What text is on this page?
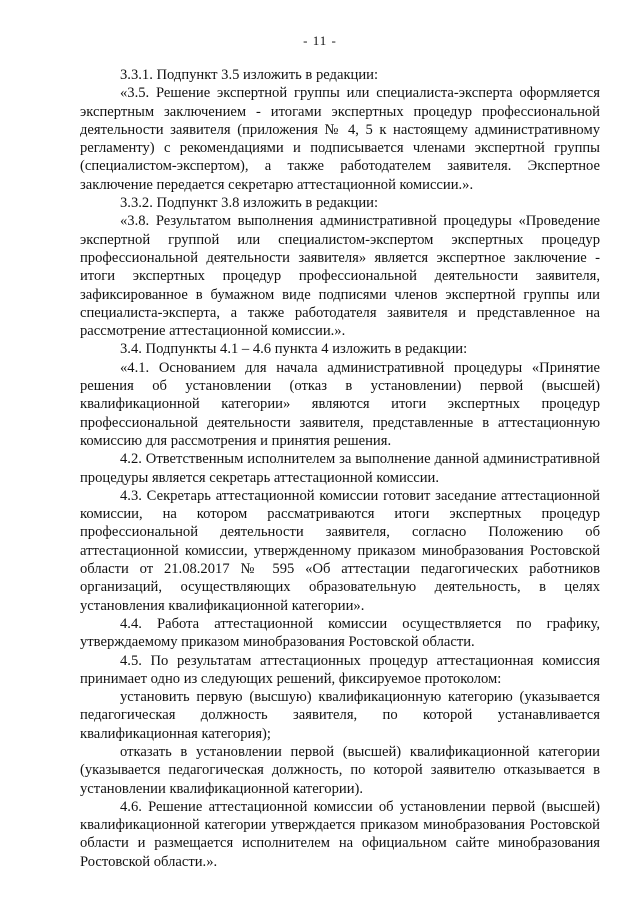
- 11 -

3.3.1. Подпункт 3.5 изложить в редакции:

«3.5. Решение экспертной группы или специалиста-эксперта оформляется экспертным заключением - итогами экспертных процедур профессиональной деятельности заявителя (приложения № 4, 5 к настоящему административному регламенту) с рекомендациями и подписывается членами экспертной группы (специалистом-экспертом), а также работодателем заявителя. Экспертное заключение передается секретарю аттестационной комиссии.».

3.3.2. Подпункт 3.8 изложить в редакции:

«3.8. Результатом выполнения административной процедуры «Проведение экспертной группой или специалистом-экспертом экспертных процедур профессиональной деятельности заявителя» является экспертное заключение - итоги экспертных процедур профессиональной деятельности заявителя, зафиксированное в бумажном виде подписями членов экспертной группы или специалиста-эксперта, а также работодателя заявителя и представленное на рассмотрение аттестационной комиссии.».

3.4. Подпункты 4.1 – 4.6 пункта 4 изложить в редакции:

«4.1. Основанием для начала административной процедуры «Принятие решения об установлении (отказ в установлении) первой (высшей) квалификационной категории» являются итоги экспертных процедур профессиональной деятельности заявителя, представленные в аттестационную комиссию для рассмотрения и принятия решения.

4.2. Ответственным исполнителем за выполнение данной административной процедуры является секретарь аттестационной комиссии.

4.3. Секретарь аттестационной комиссии готовит заседание аттестационной комиссии, на котором рассматриваются итоги экспертных процедур профессиональной деятельности заявителя, согласно Положению об аттестационной комиссии, утвержденному приказом минобразования Ростовской области от 21.08.2017 № 595 «Об аттестации педагогических работников организаций, осуществляющих образовательную деятельность, в целях установления квалификационной категории».

4.4. Работа аттестационной комиссии осуществляется по графику, утверждаемому приказом минобразования Ростовской области.

4.5. По результатам аттестационных процедур аттестационная комиссия принимает одно из следующих решений, фиксируемое протоколом:

установить первую (высшую) квалификационную категорию (указывается педагогическая должность заявителя, по которой устанавливается квалификационная категория);

отказать в установлении первой (высшей) квалификационной категории (указывается педагогическая должность, по которой заявителю отказывается в установлении квалификационной категории).

4.6. Решение аттестационной комиссии об установлении первой (высшей) квалификационной категории утверждается приказом минобразования Ростовской области и размещается исполнителем на официальном сайте минобразования Ростовской области.».
